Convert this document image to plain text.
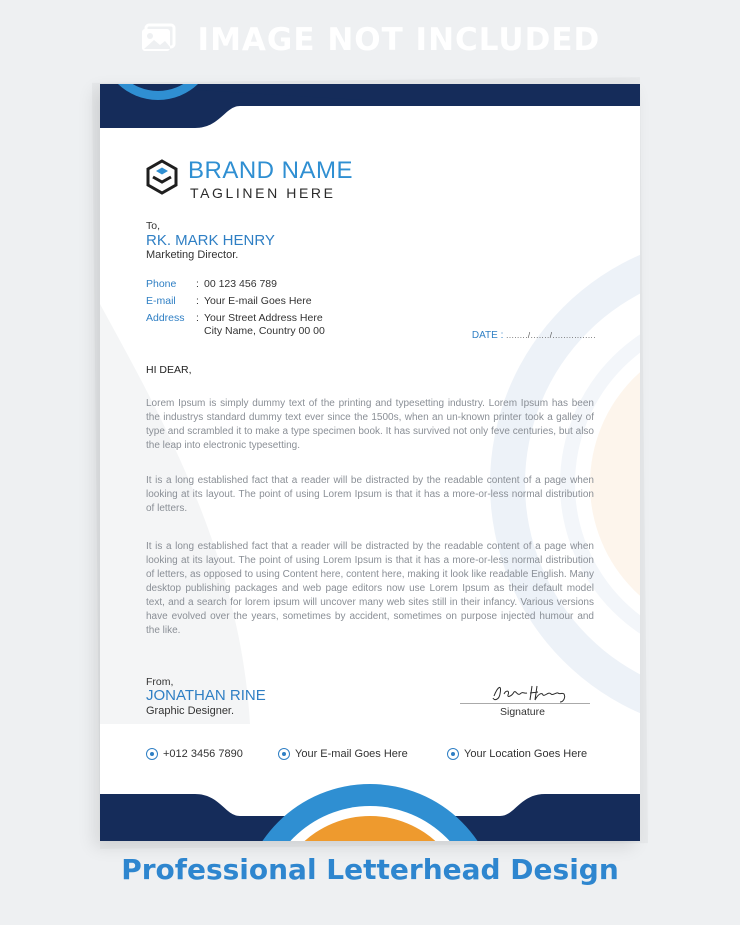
IMAGE NOT INCLUDED
BRAND NAME
TAGLINEN HERE
To,
RK. MARK HENRY
Marketing Director.
Phone : 00 123 456 789
E-mail : Your E-mail Goes Here
Address : Your Street Address Here
City Name, Country 00 00	DATE : ......../......./................
HI DEAR,
Lorem Ipsum is simply dummy text of the printing and typesetting industry. Lorem Ipsum has been the industrys standard dummy text ever since the 1500s, when an un-known printer took a galley of type and scrambled it to make a type specimen book. It has survived not only feve centuries, but also the leap into electronic typesetting.
It is a long established fact that a reader will be distracted by the readable content of a page when looking at its layout. The point of using Lorem Ipsum is that it has a more-or-less normal distribution of letters.
It is a long established fact that a reader will be distracted by the readable content of a page when looking at its layout. The point of using Lorem Ipsum is that it has a more-or-less normal distribution of letters, as opposed to using Content here, content here, making it look like readable English. Many desktop publishing packages and web page editors now use Lorem Ipsum as their default model text, and a search for lorem ipsum will uncover many web sites still in their infancy. Various versions have evolved over the years, sometimes by accident, sometimes on purpose injected humour and the like.
From,
JONATHAN RINE
Graphic Designer.	Signature
+012 3456 7890	Your E-mail Goes Here	Your Location Goes Here
Professional Letterhead Design
